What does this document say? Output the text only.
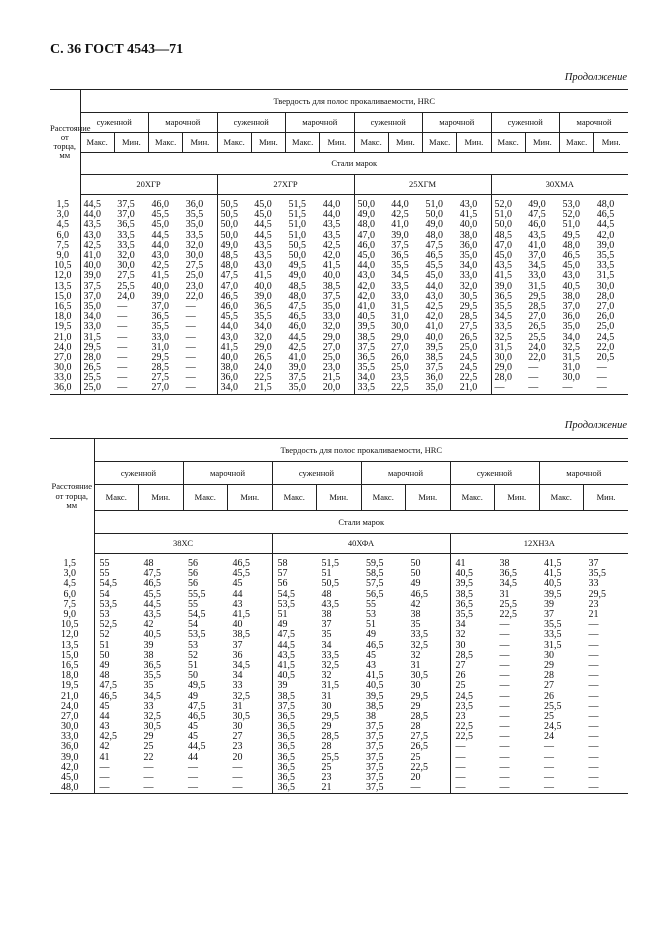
С. 36 ГОСТ 4543—71
Продолжение
Расстояние от торца, мм	Твердость для полос прокаливаемости, HRC															
	суженной		марочной		суженной		марочной		суженной		марочной		суженной		марочной	
	Макс.	Мин.	Макс.	Мин.	Макс.	Мин.	Макс.	Мин.	Макс.	Мин.	Макс.	Мин.	Макс.	Мин.	Макс.	Мин.
	Стали марок															
	20ХГР				27ХГР				25ХГМ				30ХМА			
1,5	44,5	37,5	46,0	36,0	50,5	45,0	51,5	44,0	50,0	44,0	51,0	43,0	52,0	49,0	53,0	48,0
3,0	44,0	37,0	45,5	35,5	50,5	45,0	51,5	44,0	49,0	42,5	50,0	41,5	51,0	47,5	52,0	46,5
4,5	43,5	36,5	45,0	35,0	50,0	44,5	51,0	43,5	48,0	41,0	49,0	40,0	50,0	46,0	51,0	44,5
6,0	43,0	33,5	44,5	33,5	50,0	44,5	51,0	43,5	47,0	39,0	48,0	38,0	48,5	43,5	49,5	42,0
7,5	42,5	33,5	44,0	32,0	49,0	43,5	50,5	42,5	46,0	37,5	47,5	36,0	47,0	41,0	48,0	39,0
9,0	41,0	32,0	43,0	30,0	48,5	43,5	50,0	42,0	45,0	36,5	46,5	35,0	45,0	37,0	46,5	35,5
10,5	40,0	30,0	42,5	27,5	48,0	43,0	49,5	41,5	44,0	35,5	45,5	34,0	43,5	34,5	45,0	33,5
12,0	39,0	27,5	41,5	25,0	47,5	41,5	49,0	40,0	43,0	34,5	45,0	33,0	41,5	33,0	43,0	31,5
13,5	37,5	25,5	40,0	23,0	47,0	40,0	48,5	38,5	42,0	33,5	44,0	32,0	39,0	31,5	40,5	30,0
15,0	37,0	24,0	39,0	22,0	46,5	39,0	48,0	37,5	42,0	33,0	43,0	30,5	36,5	29,5	38,0	28,0
16,5	35,0	—	37,0	—	46,0	36,5	47,5	35,0	41,0	31,5	42,5	29,5	35,5	28,5	37,0	27,0
18,0	34,0	—	36,5	—	45,5	35,5	46,5	33,0	40,5	31,0	42,0	28,5	34,5	27,0	36,0	26,0
19,5	33,0	—	35,5	—	44,0	34,0	46,0	32,0	39,5	30,0	41,0	27,5	33,5	26,5	35,0	25,0
21,0	31,5	—	33,0	—	43,0	32,0	44,5	29,0	38,5	29,0	40,0	26,5	32,5	25,5	34,0	24,5
24,0	29,5	—	31,0	—	41,5	29,0	42,5	27,0	37,5	27,0	39,5	25,0	31,5	24,0	32,5	22,0
27,0	28,0	—	29,5	—	40,0	26,5	41,0	25,0	36,5	26,0	38,5	24,5	30,0	22,0	31,5	20,5
30,0	26,5	—	28,5	—	38,0	24,0	39,0	23,0	35,5	25,0	37,5	24,5	29,0	—	31,0	—
33,0	25,5	—	27,5	—	36,0	22,5	37,5	21,5	34,0	23,5	36,0	22,5	28,0	—	30,0	—
36,0	25,0	—	27,0	—	34,0	21,5	35,0	20,0	33,5	22,5	35,0	21,0	—	—	—	—
Продолжение
Расстояние от торца, мм	Твердость для полос прокаливаемости, HRC											
	суженной		марочной		суженной		марочной		суженной		марочной	
	Макс.	Мин.	Макс.	Мин.	Макс.	Мин.	Макс.	Мин.	Макс.	Мин.	Макс.	Мин.
	Стали марок											
	38ХС				40ХФА				12ХН3А			
1,5	55	48	56	46,5	58	51,5	59,5	50	41	38	41,5	37
3,0	55	47,5	56	45,5	57	51	58,5	50	40,5	36,5	41,5	35,5
4,5	54,5	46,5	56	45	56	50,5	57,5	49	39,5	34,5	40,5	33
6,0	54	45,5	55,5	44	54,5	48	56,5	46,5	38,5	31	39,5	29,5
7,5	53,5	44,5	55	43	53,5	43,5	55	42	36,5	25,5	39	23
9,0	53	43,5	54,5	41,5	51	38	53	38	35,5	22,5	37	21
10,5	52,5	42	54	40	49	37	51	35	34	—	35,5	—
12,0	52	40,5	53,5	38,5	47,5	35	49	33,5	32	—	33,5	—
13,5	51	39	53	37	44,5	34	46,5	32,5	30	—	31,5	—
15,0	50	38	52	36	43,5	33,5	45	32	28,5	—	30	—
16,5	49	36,5	51	34,5	41,5	32,5	43	31	27	—	29	—
18,0	48	35,5	50	34	40,5	32	41,5	30,5	26	—	28	—
19,5	47,5	35	49,5	33	39	31,5	40,5	30	25	—	27	—
21,0	46,5	34,5	49	32,5	38,5	31	39,5	29,5	24,5	—	26	—
24,0	45	33	47,5	31	37,5	30	38,5	29	23,5	—	25,5	—
27,0	44	32,5	46,5	30,5	36,5	29,5	38	28,5	23	—	25	—
30,0	43	30,5	45	30	36,5	29	37,5	28	22,5	—	24,5	—
33,0	42,5	29	45	27	36,5	28,5	37,5	27,5	22,5	—	24	—
36,0	42	25	44,5	23	36,5	28	37,5	26,5	—	—	—	—
39,0	41	22	44	20	36,5	25,5	37,5	25	—	—	—	—
42,0	—	—	—	—	36,5	25	37,5	22,5	—	—	—	—
45,0	—	—	—	—	36,5	23	37,5	20	—	—	—	—
48,0	—	—	—	—	36,5	21	37,5	—	—	—	—	—
